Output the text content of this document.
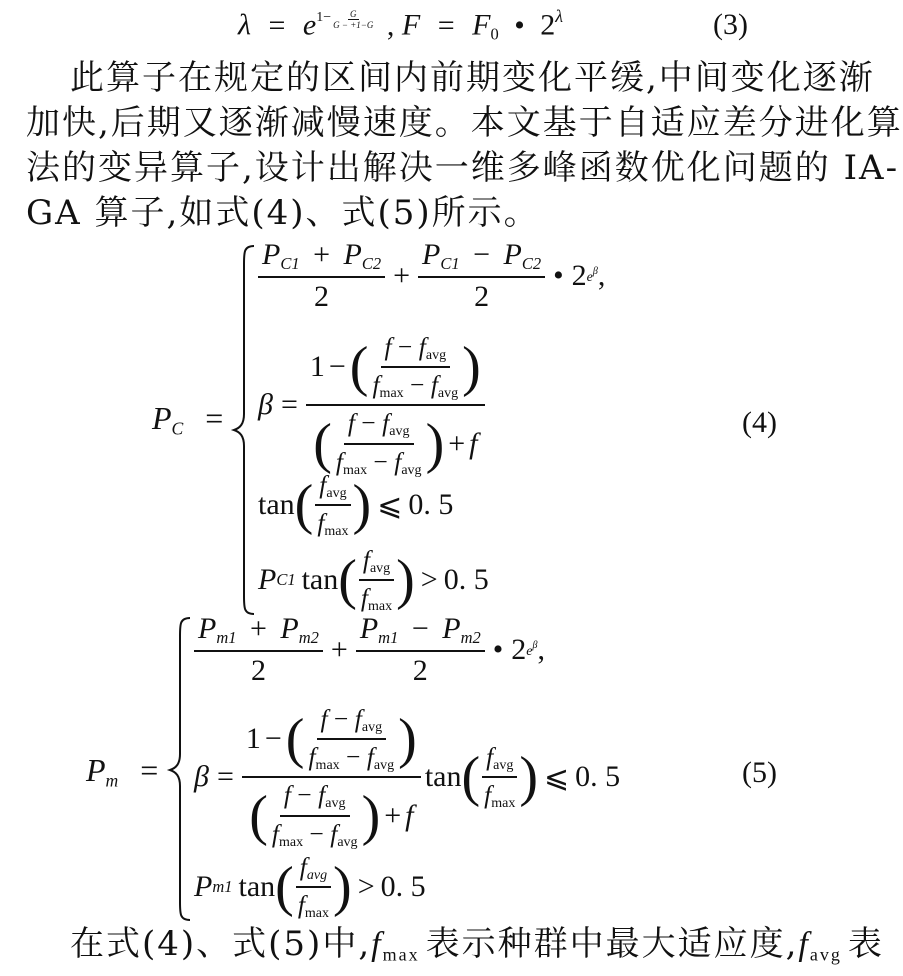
$\lambda = e^{1- \frac{G}{G - +1-G}}$ , $F = F_0$ • $2^\lambda$	(3)
此算子在规定的区间内前期变化平缓,中间变化逐渐
加快,后期又逐渐减慢速度。本文基于自适应差分进化算
法的变异算子,设计出解决一维多峰函数优化问题的 IA-
GA 算子,如式(4)、式(5)所示。
$P_C$ =	(4)
$\frac{P_{C1} + P_{C2}}{2} + \frac{P_{C1} - P_{C2}}{2}$ • 2 $e^\beta$ ,
$\beta = \frac{1 - ( \frac{f - f_{avg}}{f_{max} - f_{avg}} )}{( \frac{f - f_{avg}}{f_{max} - f_{avg}} ) + f}$
tan ( $\frac{f_{avg}}{f_{max}}$ ) ⩽ 0. 5
P C1 tan ( $\frac{f_{avg}}{f_{max}}$ ) > 0. 5
$P_m$ =	(5)
$\frac{P_{m1} + P_{m2}}{2} + \frac{P_{m1} - P_{m2}}{2}$ • 2 $e^\beta$ ,
$\beta = \frac{1 - ( \frac{f - f_{avg}}{f_{max} - f_{avg}} )}{( \frac{f - f_{avg}}{f_{max} - f_{avg}} ) + f}$ tan ( $\frac{f_{avg}}{f_{max}}$ ) ⩽ 0. 5
P m1 tan ( $\frac{f_{avg}}{f_{max}}$ ) > 0. 5
在式(4)、式(5)中$,f_{max}$ 表示种群中最大适应度$,f_{avg}$ 表
